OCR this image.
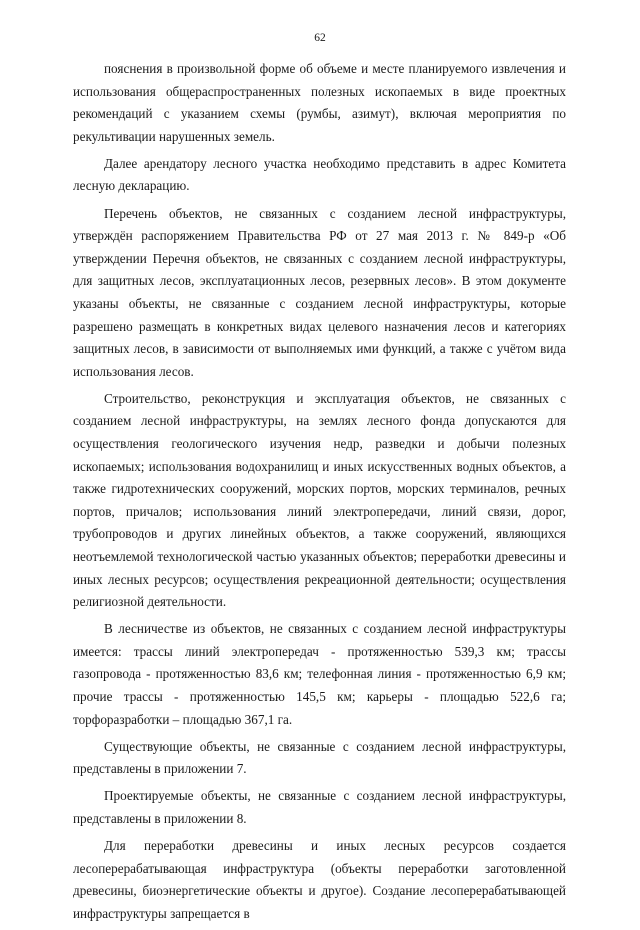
62

пояснения в произвольной форме об объеме и месте планируемого извлечения и использования общераспространенных полезных ископаемых в виде проектных рекомендаций с указанием схемы (румбы, азимут), включая мероприятия по рекультивации нарушенных земель.

Далее арендатору лесного участка необходимо представить в адрес Комитета лесную декларацию.

Перечень объектов, не связанных с созданием лесной инфраструктуры, утверждён распоряжением Правительства РФ от 27 мая 2013 г. № 849-р «Об утверждении Перечня объектов, не связанных с созданием лесной инфраструктуры, для защитных лесов, эксплуатационных лесов, резервных лесов». В этом документе указаны объекты, не связанные с созданием лесной инфраструктуры, которые разрешено размещать в конкретных видах целевого назначения лесов и категориях защитных лесов, в зависимости от выполняемых ими функций, а также с учётом вида использования лесов.

Строительство, реконструкция и эксплуатация объектов, не связанных с созданием лесной инфраструктуры, на землях лесного фонда допускаются для осуществления геологического изучения недр, разведки и добычи полезных ископаемых; использования водохранилищ и иных искусственных водных объектов, а также гидротехнических сооружений, морских портов, морских терминалов, речных портов, причалов; использования линий электропередачи, линий связи, дорог, трубопроводов и других линейных объектов, а также сооружений, являющихся неотъемлемой технологической частью указанных объектов; переработки древесины и иных лесных ресурсов; осуществления рекреационной деятельности; осуществления религиозной деятельности.

В лесничестве из объектов, не связанных с созданием лесной инфраструктуры имеется: трассы линий электропередач - протяженностью 539,3 км; трассы газопровода - протяженностью 83,6 км; телефонная линия - протяженностью 6,9 км; прочие трассы - протяженностью 145,5 км; карьеры - площадью 522,6 га; торфоразработки – площадью 367,1 га.

Существующие объекты, не связанные с созданием лесной инфраструктуры, представлены в приложении 7.

Проектируемые объекты, не связанные с созданием лесной инфраструктуры, представлены в приложении 8.

Для переработки древесины и иных лесных ресурсов создается лесоперерабатывающая инфраструктура (объекты переработки заготовленной древесины, биоэнергетические объекты и другое). Создание лесоперерабатывающей инфраструктуры запрещается в
